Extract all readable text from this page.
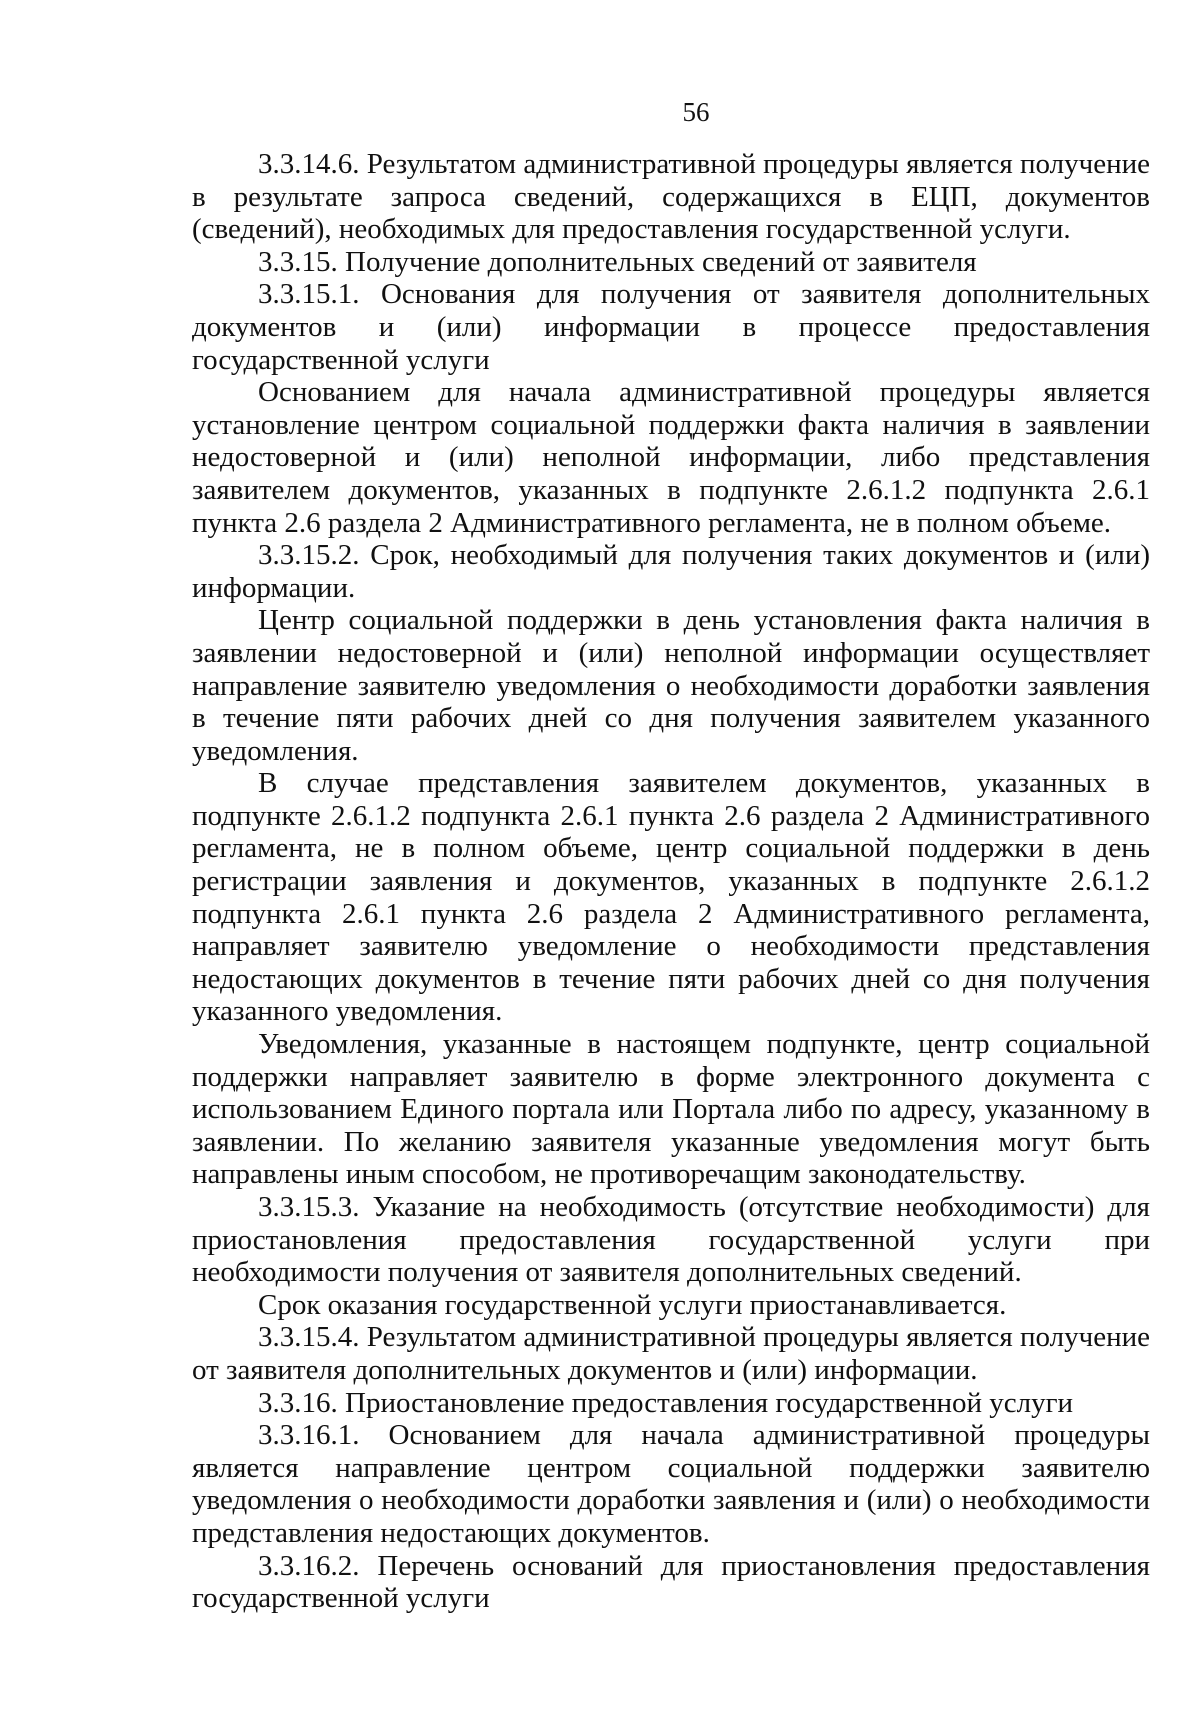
56

3.3.14.6. Результатом административной процедуры является получение в результате запроса сведений, содержащихся в ЕЦП, документов (сведений), необходимых для предоставления государственной услуги.

3.3.15. Получение дополнительных сведений от заявителя

3.3.15.1. Основания для получения от заявителя дополнительных документов и (или) информации в процессе предоставления государственной услуги

Основанием для начала административной процедуры является установление центром социальной поддержки факта наличия в заявлении недостоверной и (или) неполной информации, либо представления заявителем документов, указанных в подпункте 2.6.1.2 подпункта 2.6.1 пункта 2.6 раздела 2 Административного регламента, не в полном объеме.

3.3.15.2. Срок, необходимый для получения таких документов и (или) информации.

Центр социальной поддержки в день установления факта наличия в заявлении недостоверной и (или) неполной информации осуществляет направление заявителю уведомления о необходимости доработки заявления в течение пяти рабочих дней со дня получения заявителем указанного уведомления.

В случае представления заявителем документов, указанных в подпункте 2.6.1.2 подпункта 2.6.1 пункта 2.6 раздела 2 Административного регламента, не в полном объеме, центр социальной поддержки в день регистрации заявления и документов, указанных в подпункте 2.6.1.2 подпункта 2.6.1 пункта 2.6 раздела 2 Административного регламента, направляет заявителю уведомление о необходимости представления недостающих документов в течение пяти рабочих дней со дня получения указанного уведомления.

Уведомления, указанные в настоящем подпункте, центр социальной поддержки направляет заявителю в форме электронного документа с использованием Единого портала или Портала либо по адресу, указанному в заявлении. По желанию заявителя указанные уведомления могут быть направлены иным способом, не противоречащим законодательству.

3.3.15.3. Указание на необходимость (отсутствие необходимости) для приостановления предоставления государственной услуги при необходимости получения от заявителя дополнительных сведений.

Срок оказания государственной услуги приостанавливается.

3.3.15.4. Результатом административной процедуры является получение от заявителя дополнительных документов и (или) информации.

3.3.16. Приостановление предоставления государственной услуги

3.3.16.1. Основанием для начала административной процедуры является направление центром социальной поддержки заявителю уведомления о необходимости доработки заявления и (или) о необходимости представления недостающих документов.

3.3.16.2. Перечень оснований для приостановления предоставления государственной услуги
